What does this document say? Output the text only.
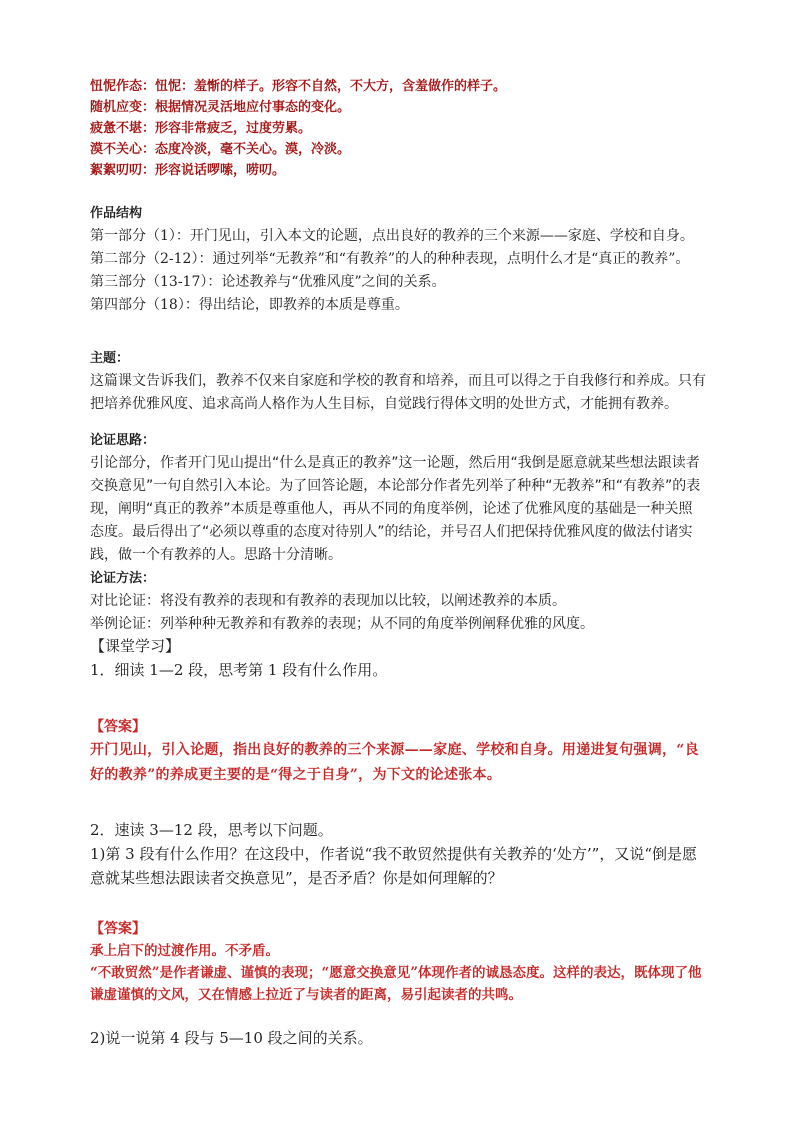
忸怩作态：忸怩：羞惭的样子。形容不自然，不大方，含羞做作的样子。

随机应变：根据情况灵活地应付事态的变化。

疲惫不堪：形容非常疲乏，过度劳累。

漠不关心：态度冷淡，毫不关心。漠，冷淡。

絮絮叨叨：形容说话啰嗦，唠叨。

作品结构

第一部分（1）：开门见山，引入本文的论题，点出良好的教养的三个来源——家庭、学校和自身。

第二部分（2-12）：通过列举“无教养”和“有教养”的人的种种表现，点明什么才是“真正的教养”。

第三部分（13-17）：论述教养与“优雅风度”之间的关系。

第四部分（18）：得出结论，即教养的本质是尊重。

主题：

这篇课文告诉我们，教养不仅来自家庭和学校的教育和培养，而且可以得之于自我修行和养成。只有把培养优雅风度、追求高尚人格作为人生目标，自觉践行得体文明的处世方式，才能拥有教养。

论证思路：

引论部分，作者开门见山提出“什么是真正的教养”这一论题，然后用“我倒是愿意就某些想法跟读者交换意见”一句自然引入本论。为了回答论题，本论部分作者先列举了种种“无教养”和“有教养”的表现，阐明“真正的教养”本质是尊重他人，再从不同的角度举例，论述了优雅风度的基础是一种关照态度。最后得出了“必须以尊重的态度对待别人”的结论，并号召人们把保持优雅风度的做法付诸实践，做一个有教养的人。思路十分清晰。

论证方法：

对比论证：将没有教养的表现和有教养的表现加以比较，以阐述教养的本质。

举例论证：列举种种无教养和有教养的表现；从不同的角度举例阐释优雅的风度。

【课堂学习】

1．细读 1—2 段，思考第 1 段有什么作用。

【答案】

开门见山，引入论题，指出良好的教养的三个来源——家庭、学校和自身。用递进复句强调，“良好的教养”的养成更主要的是“得之于自身”，为下文的论述张本。

2．速读 3—12 段，思考以下问题。

1)第 3 段有什么作用？在这段中，作者说“我不敢贸然提供有关教养的‘处方’”，又说“倒是愿意就某些想法跟读者交换意见”，是否矛盾？你是如何理解的？

【答案】

承上启下的过渡作用。不矛盾。

“不敢贸然”是作者谦虚、谨慎的表现；“愿意交换意见”体现作者的诚恳态度。这样的表达，既体现了他谦虚谨慎的文风，又在情感上拉近了与读者的距离，易引起读者的共鸣。

2)说一说第 4 段与 5—10 段之间的关系。
